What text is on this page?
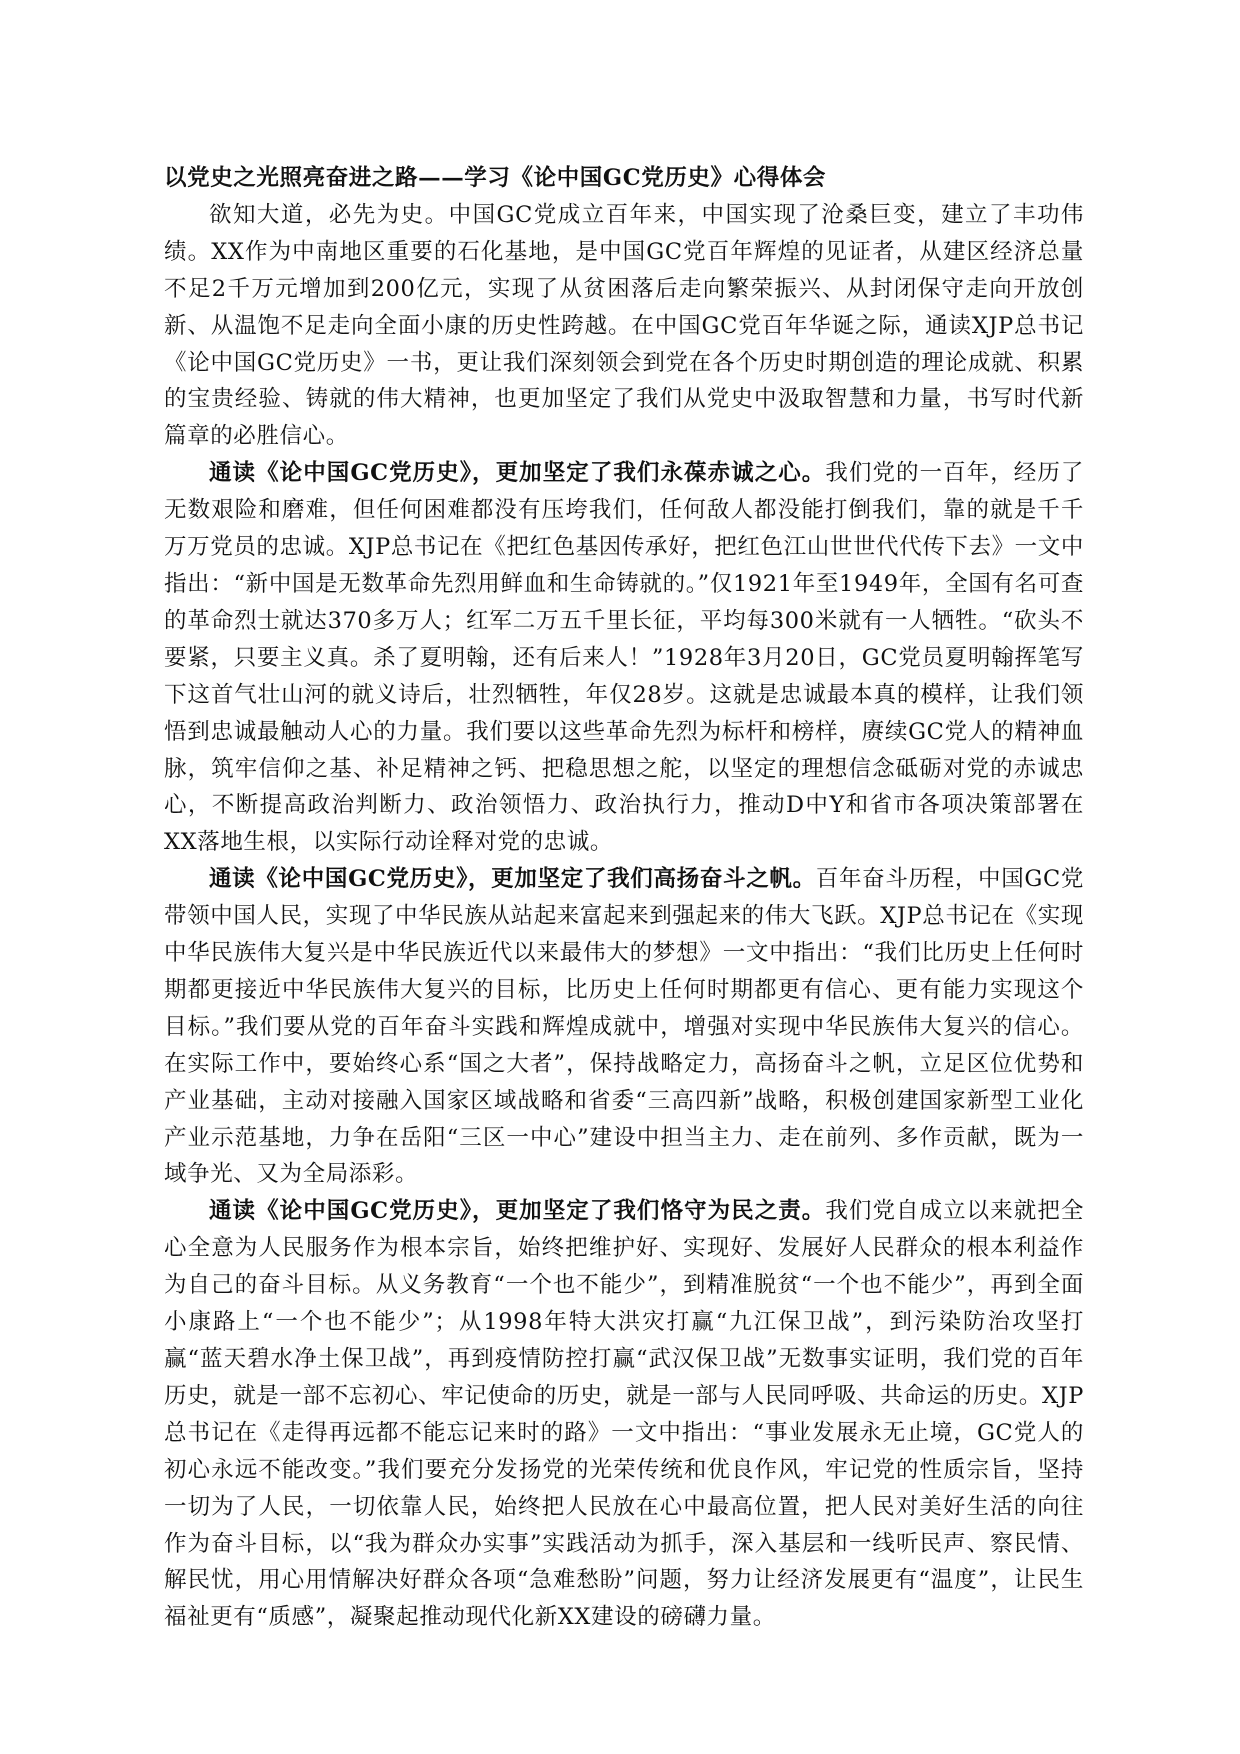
以党史之光照亮奋进之路——学习《论中国GC党历史》心得体会

欲知大道，必先为史。中国GC党成立百年来，中国实现了沧桑巨变，建立了丰功伟绩。XX作为中南地区重要的石化基地，是中国GC党百年辉煌的见证者，从建区经济总量不足2千万元增加到200亿元，实现了从贫困落后走向繁荣振兴、从封闭保守走向开放创新、从温饱不足走向全面小康的历史性跨越。在中国GC党百年华诞之际，通读XJP总书记《论中国GC党历史》一书，更让我们深刻领会到党在各个历史时期创造的理论成就、积累的宝贵经验、铸就的伟大精神，也更加坚定了我们从党史中汲取智慧和力量，书写时代新篇章的必胜信心。

通读《论中国GC党历史》，更加坚定了我们永葆赤诚之心。我们党的一百年，经历了无数艰险和磨难，但任何困难都没有压垮我们，任何敌人都没能打倒我们，靠的就是千千万万党员的忠诚。XJP总书记在《把红色基因传承好，把红色江山世世代代传下去》一文中指出：“新中国是无数革命先烈用鲜血和生命铸就的。”仅1921年至1949年，全国有名可查的革命烈士就达370多万人；红军二万五千里长征，平均每300米就有一人牺牲。“砍头不要紧，只要主义真。杀了夏明翰，还有后来人！”1928年3月20日，GC党员夏明翰挥笔写下这首气壮山河的就义诗后，壮烈牺牲，年仅28岁。这就是忠诚最本真的模样，让我们领悟到忠诚最触动人心的力量。我们要以这些革命先烈为标杆和榜样，赓续GC党人的精神血脉，筑牢信仰之基、补足精神之钙、把稳思想之舵，以坚定的理想信念砥砺对党的赤诚忠心，不断提高政治判断力、政治领悟力、政治执行力，推动D中Y和省市各项决策部署在XX落地生根，以实际行动诠释对党的忠诚。

通读《论中国GC党历史》，更加坚定了我们高扬奋斗之帆。百年奋斗历程，中国GC党带领中国人民，实现了中华民族从站起来富起来到强起来的伟大飞跃。XJP总书记在《实现中华民族伟大复兴是中华民族近代以来最伟大的梦想》一文中指出：“我们比历史上任何时期都更接近中华民族伟大复兴的目标，比历史上任何时期都更有信心、更有能力实现这个目标。”我们要从党的百年奋斗实践和辉煌成就中，增强对实现中华民族伟大复兴的信心。在实际工作中，要始终心系“国之大者”，保持战略定力，高扬奋斗之帆，立足区位优势和产业基础，主动对接融入国家区域战略和省委“三高四新”战略，积极创建国家新型工业化产业示范基地，力争在岳阳“三区一中心”建设中担当主力、走在前列、多作贡献，既为一域争光、又为全局添彩。

通读《论中国GC党历史》，更加坚定了我们恪守为民之责。我们党自成立以来就把全心全意为人民服务作为根本宗旨，始终把维护好、实现好、发展好人民群众的根本利益作为自己的奋斗目标。从义务教育“一个也不能少”，到精准脱贫“一个也不能少”，再到全面小康路上“一个也不能少”；从1998年特大洪灾打赢“九江保卫战”，到污染防治攻坚打赢“蓝天碧水净土保卫战”，再到疫情防控打赢“武汉保卫战”无数事实证明，我们党的百年历史，就是一部不忘初心、牢记使命的历史，就是一部与人民同呼吸、共命运的历史。XJP总书记在《走得再远都不能忘记来时的路》一文中指出：“事业发展永无止境，GC党人的初心永远不能改变。”我们要充分发扬党的光荣传统和优良作风，牢记党的性质宗旨，坚持一切为了人民，一切依靠人民，始终把人民放在心中最高位置，把人民对美好生活的向往作为奋斗目标，以“我为群众办实事”实践活动为抓手，深入基层和一线听民声、察民情、解民忧，用心用情解决好群众各项“急难愁盼”问题，努力让经济发展更有“温度”，让民生福祉更有“质感”，凝聚起推动现代化新XX建设的磅礴力量。
